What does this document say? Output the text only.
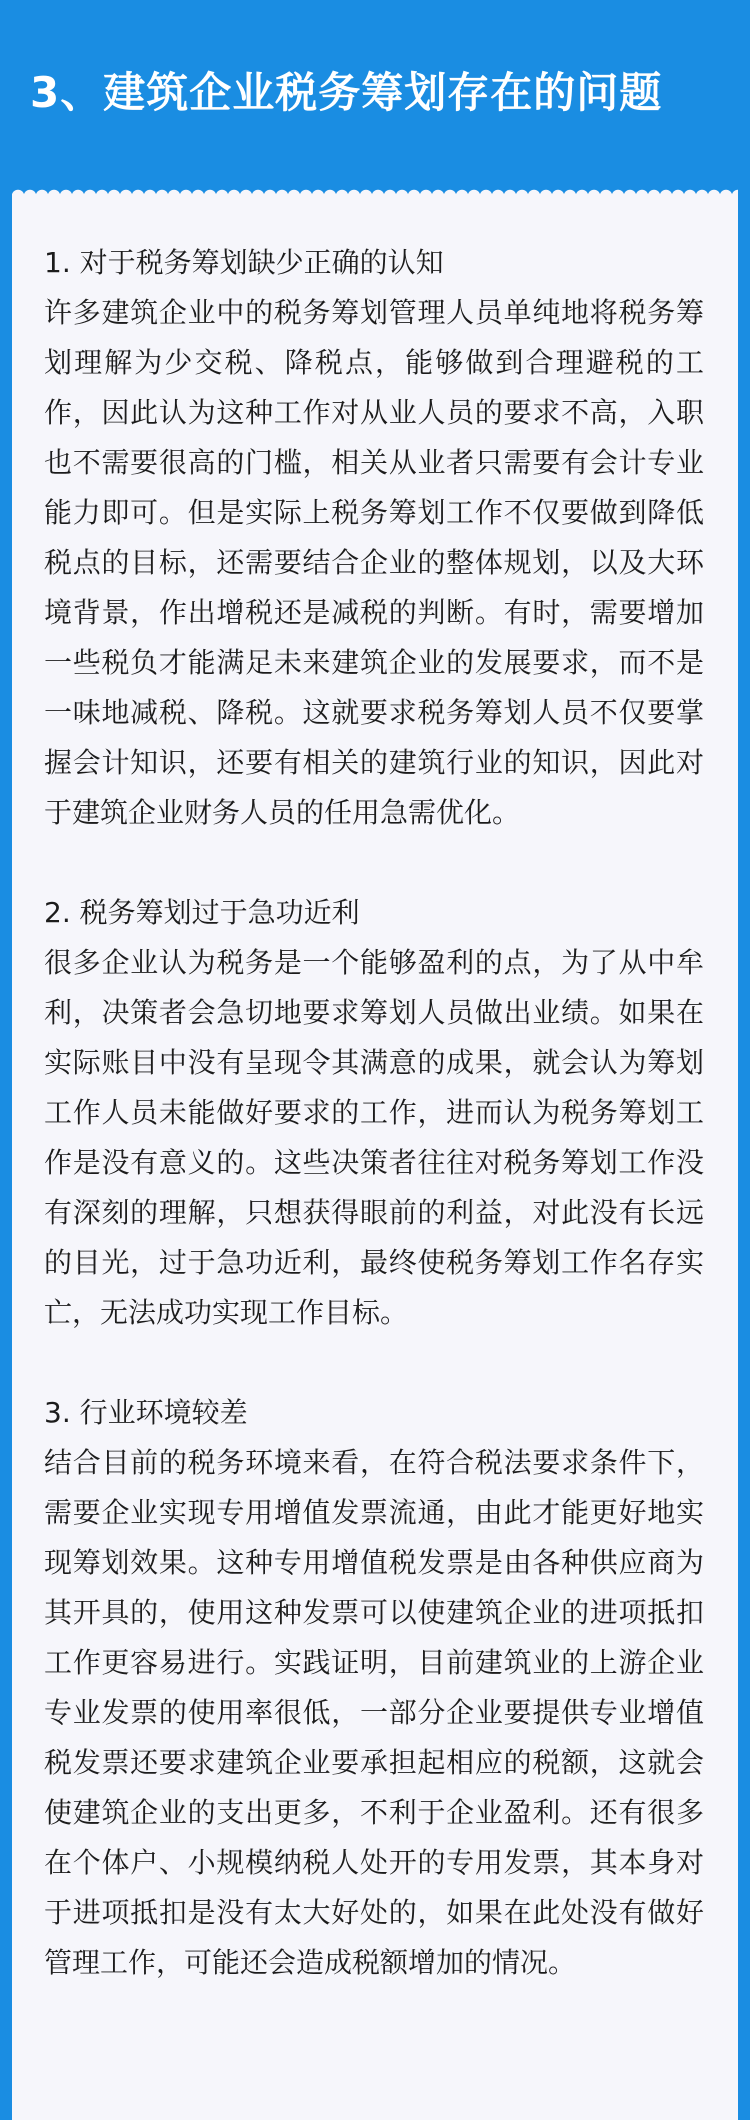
3、建筑企业税务筹划存在的问题

1. 对于税务筹划缺少正确的认知

许多建筑企业中的税务筹划管理人员单纯地将税务筹划理解为少交税、降税点，能够做到合理避税的工作，因此认为这种工作对从业人员的要求不高，入职也不需要很高的门槛，相关从业者只需要有会计专业能力即可。但是实际上税务筹划工作不仅要做到降低税点的目标，还需要结合企业的整体规划，以及大环境背景，作出增税还是减税的判断。有时，需要增加一些税负才能满足未来建筑企业的发展要求，而不是一味地减税、降税。这就要求税务筹划人员不仅要掌握会计知识，还要有相关的建筑行业的知识，因此对于建筑企业财务人员的任用急需优化。

2. 税务筹划过于急功近利

很多企业认为税务是一个能够盈利的点，为了从中牟利，决策者会急切地要求筹划人员做出业绩。如果在实际账目中没有呈现令其满意的成果，就会认为筹划工作人员未能做好要求的工作，进而认为税务筹划工作是没有意义的。这些决策者往往对税务筹划工作没有深刻的理解，只想获得眼前的利益，对此没有长远的目光，过于急功近利，最终使税务筹划工作名存实亡，无法成功实现工作目标。

3. 行业环境较差

结合目前的税务环境来看，在符合税法要求条件下，需要企业实现专用增值发票流通，由此才能更好地实现筹划效果。这种专用增值税发票是由各种供应商为其开具的，使用这种发票可以使建筑企业的进项抵扣工作更容易进行。实践证明，目前建筑业的上游企业专业发票的使用率很低，一部分企业要提供专业增值税发票还要求建筑企业要承担起相应的税额，这就会使建筑企业的支出更多，不利于企业盈利。还有很多在个体户、小规模纳税人处开的专用发票，其本身对于进项抵扣是没有太大好处的，如果在此处没有做好管理工作，可能还会造成税额增加的情况。
